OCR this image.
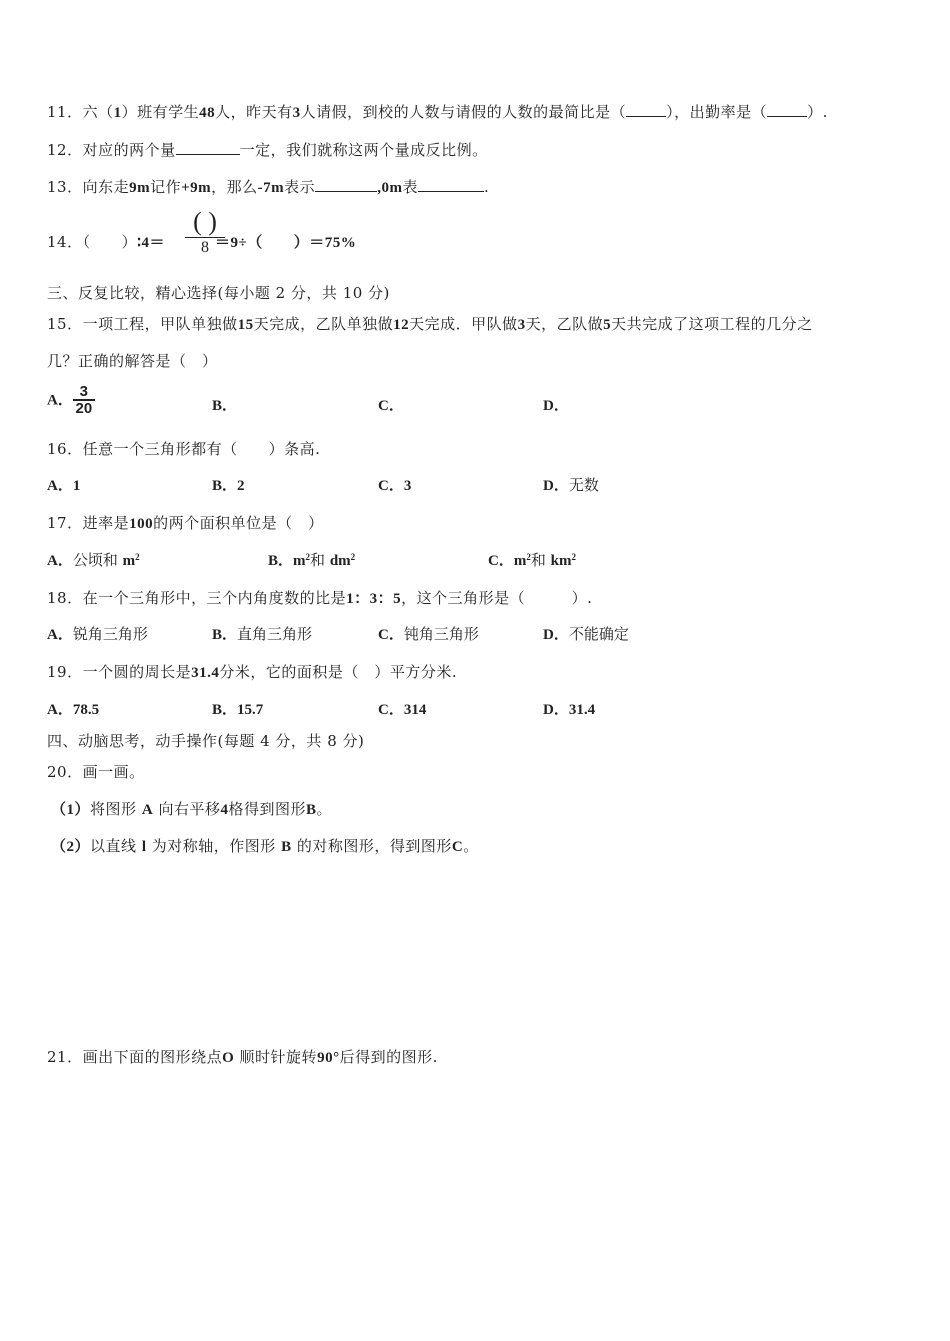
11．六（1）班有学生48人，昨天有3人请假，到校的人数与请假的人数的最简比是（	），出勤率是（	）.
12．对应的两个量	一定，我们就称这两个量成反比例。
13．向东走9m记作+9m，那么-7m表示	,0m表	.
14．（　　）∶4＝	＝9÷（　　）＝75%
( )
8
三、反复比较，精心选择(每小题 2 分，共 10 分)
15．一项工程，甲队单独做15天完成，乙队单独做12天完成．甲队做3天，乙队做5天共完成了这项工程的几分之
几？正确的解答是（　）
A． $\frac{3}{20}$	B．	C．	D．
16．任意一个三角形都有（　　）条高.
A．1	B．2	C．3	D．无数
17．进率是100的两个面积单位是（　）
A．公顷和 $m^2$	B．$m^2$和 $dm^2$	C．$m^2$和 $km^2$
18．在一个三角形中，三个内角度数的比是1：3：5，这个三角形是（　　　）.
A．锐角三角形	B．直角三角形	C．钝角三角形	D．不能确定
19．一个圆的周长是31.4分米，它的面积是（　）平方分米.
A．78.5	B．15.7	C．314	D．31.4
四、动脑思考，动手操作(每题 4 分，共 8 分)
20．画一画。
（1）将图形 A 向右平移4格得到图形B。
（2）以直线 l 为对称轴，作图形 B 的对称图形，得到图形C。
21．画出下面的图形绕点O 顺时针旋转90°后得到的图形.
